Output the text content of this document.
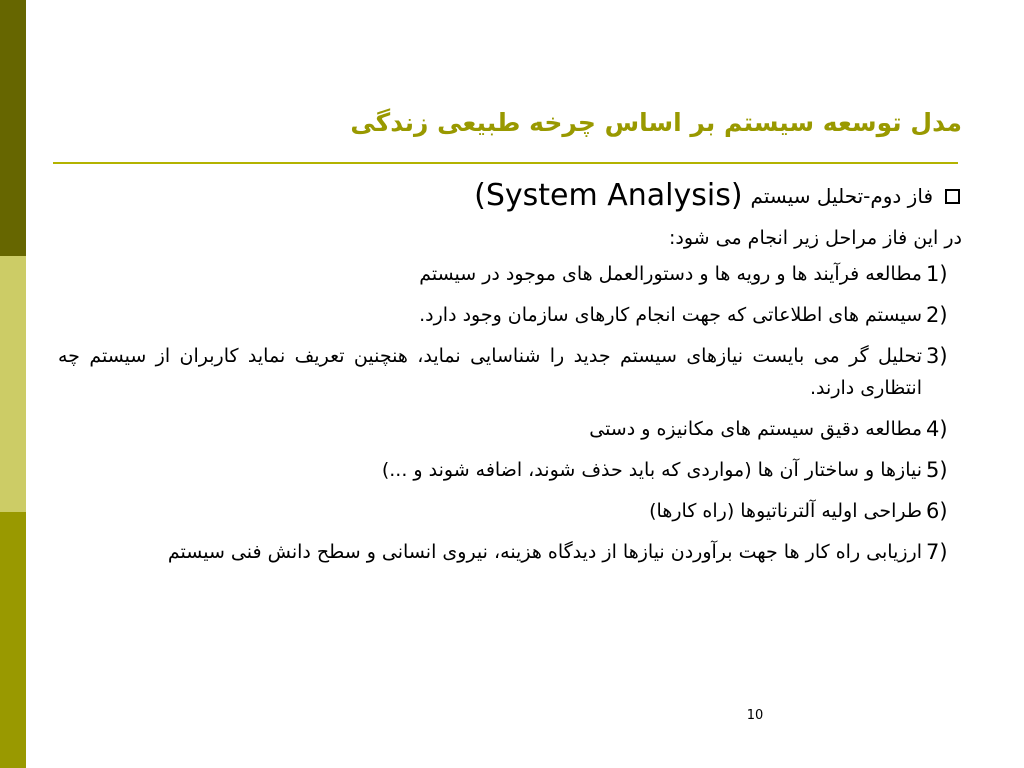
مدل توسعه سیستم بر اساس چرخه طبیعی زندگی
فاز دوم-تحلیل سیستم
(System Analysis)
در این فاز مراحل زیر انجام می شود:
1)
مطالعه فرآیند ها و رویه ها و دستورالعمل های موجود در سیستم
2)
سیستم های اطلاعاتی که جهت انجام کارهای سازمان وجود دارد.
3)
تحلیل گر می بایست نیازهای سیستم جدید را شناسایی نماید، هنچنین تعریف نماید کاربران از سیستم چه انتظاری دارند.
4)
مطالعه دقیق سیستم های مکانیزه و دستی
5)
نیازها و ساختار آن ها (مواردی که باید حذف شوند، اضافه شوند و ...)
6)
طراحی اولیه آلترناتیوها (راه کارها)
7)
ارزیابی راه کار ها جهت برآوردن نیازها از دیدگاه هزینه، نیروی انسانی و سطح دانش فنی سیستم
10
